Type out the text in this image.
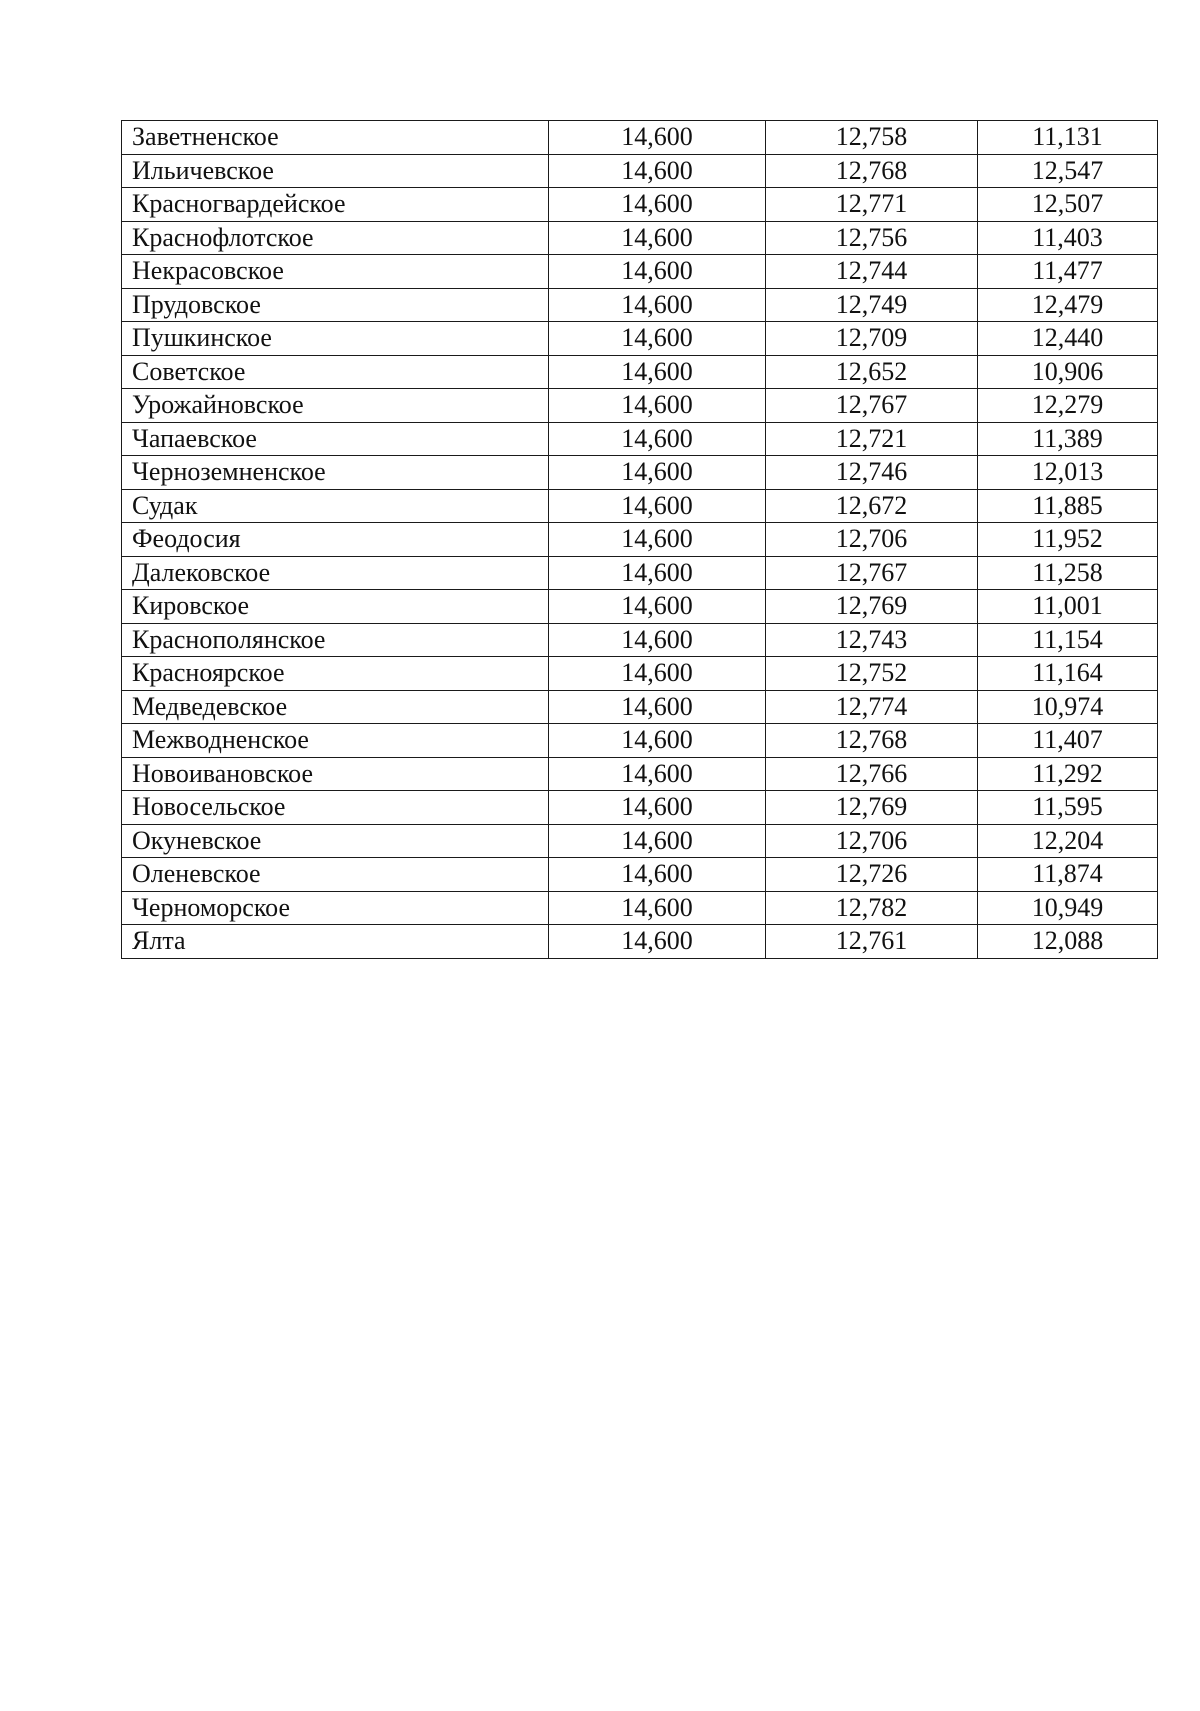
Заветненское	14,600	12,758	11,131
Ильичевское	14,600	12,768	12,547
Красногвардейское	14,600	12,771	12,507
Краснофлотское	14,600	12,756	11,403
Некрасовское	14,600	12,744	11,477
Прудовское	14,600	12,749	12,479
Пушкинское	14,600	12,709	12,440
Советское	14,600	12,652	10,906
Урожайновское	14,600	12,767	12,279
Чапаевское	14,600	12,721	11,389
Черноземненское	14,600	12,746	12,013
Судак	14,600	12,672	11,885
Феодосия	14,600	12,706	11,952
Далековское	14,600	12,767	11,258
Кировское	14,600	12,769	11,001
Краснополянское	14,600	12,743	11,154
Красноярское	14,600	12,752	11,164
Медведевское	14,600	12,774	10,974
Межводненское	14,600	12,768	11,407
Новоивановское	14,600	12,766	11,292
Новосельское	14,600	12,769	11,595
Окуневское	14,600	12,706	12,204
Оленевское	14,600	12,726	11,874
Черноморское	14,600	12,782	10,949
Ялта	14,600	12,761	12,088
